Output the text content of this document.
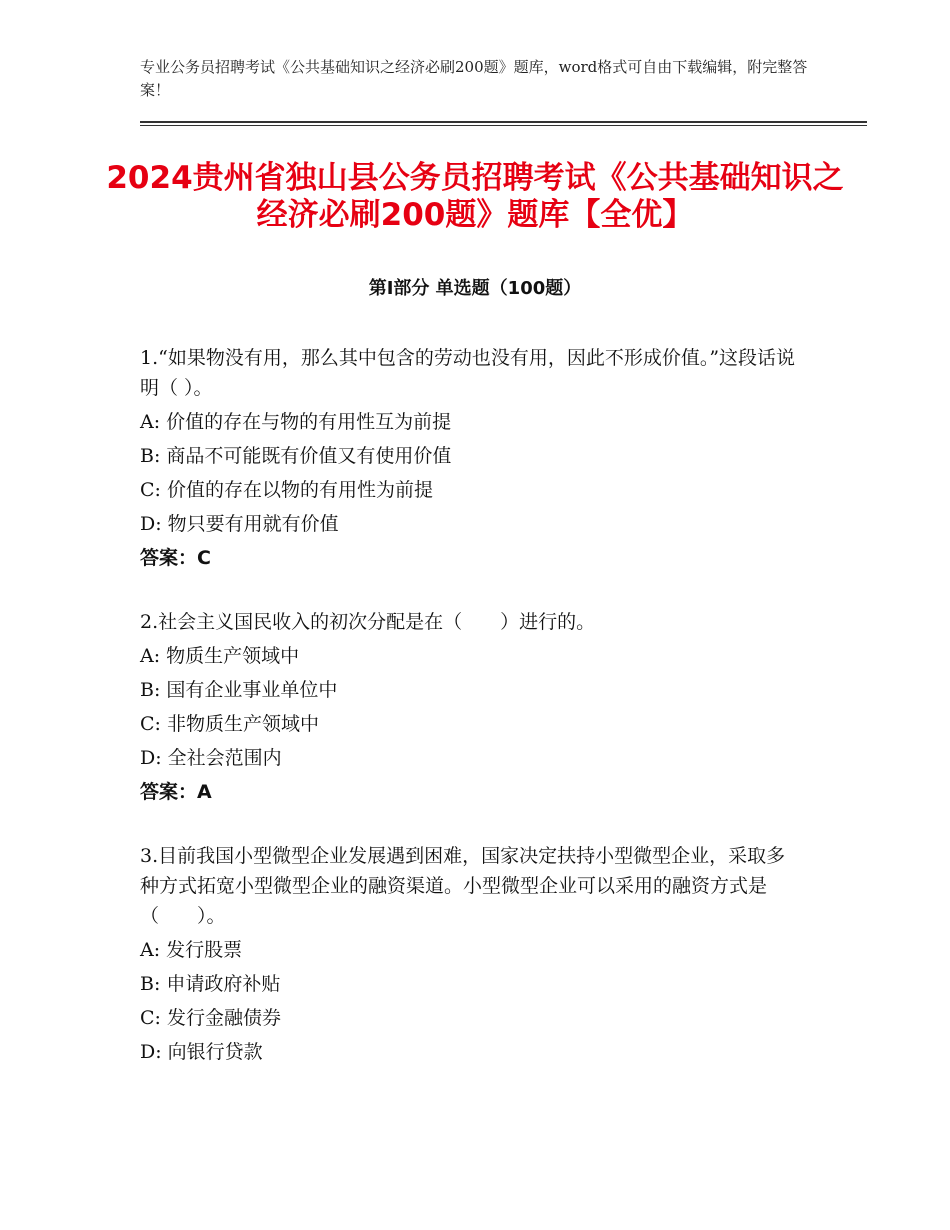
专业公务员招聘考试《公共基础知识之经济必刷200题》题库，word格式可自由下载编辑，附完整答案！
2024贵州省独山县公务员招聘考试《公共基础知识之经济必刷200题》题库【全优】
第Ⅰ部分 单选题（100题）

1.“如果物没有用，那么其中包含的劳动也没有用，因此不形成价值。”这段话说明（ ）。

A: 价值的存在与物的有用性互为前提

B: 商品不可能既有价值又有使用价值

C: 价值的存在以物的有用性为前提

D: 物只要有用就有价值

答案：C

2.社会主义国民收入的初次分配是在（　　）进行的。

A: 物质生产领域中

B: 国有企业事业单位中

C: 非物质生产领域中

D: 全社会范围内

答案：A

3.目前我国小型微型企业发展遇到困难，国家决定扶持小型微型企业，采取多种方式拓宽小型微型企业的融资渠道。小型微型企业可以采用的融资方式是（　　）。

A: 发行股票

B: 申请政府补贴

C: 发行金融债券

D: 向银行贷款
